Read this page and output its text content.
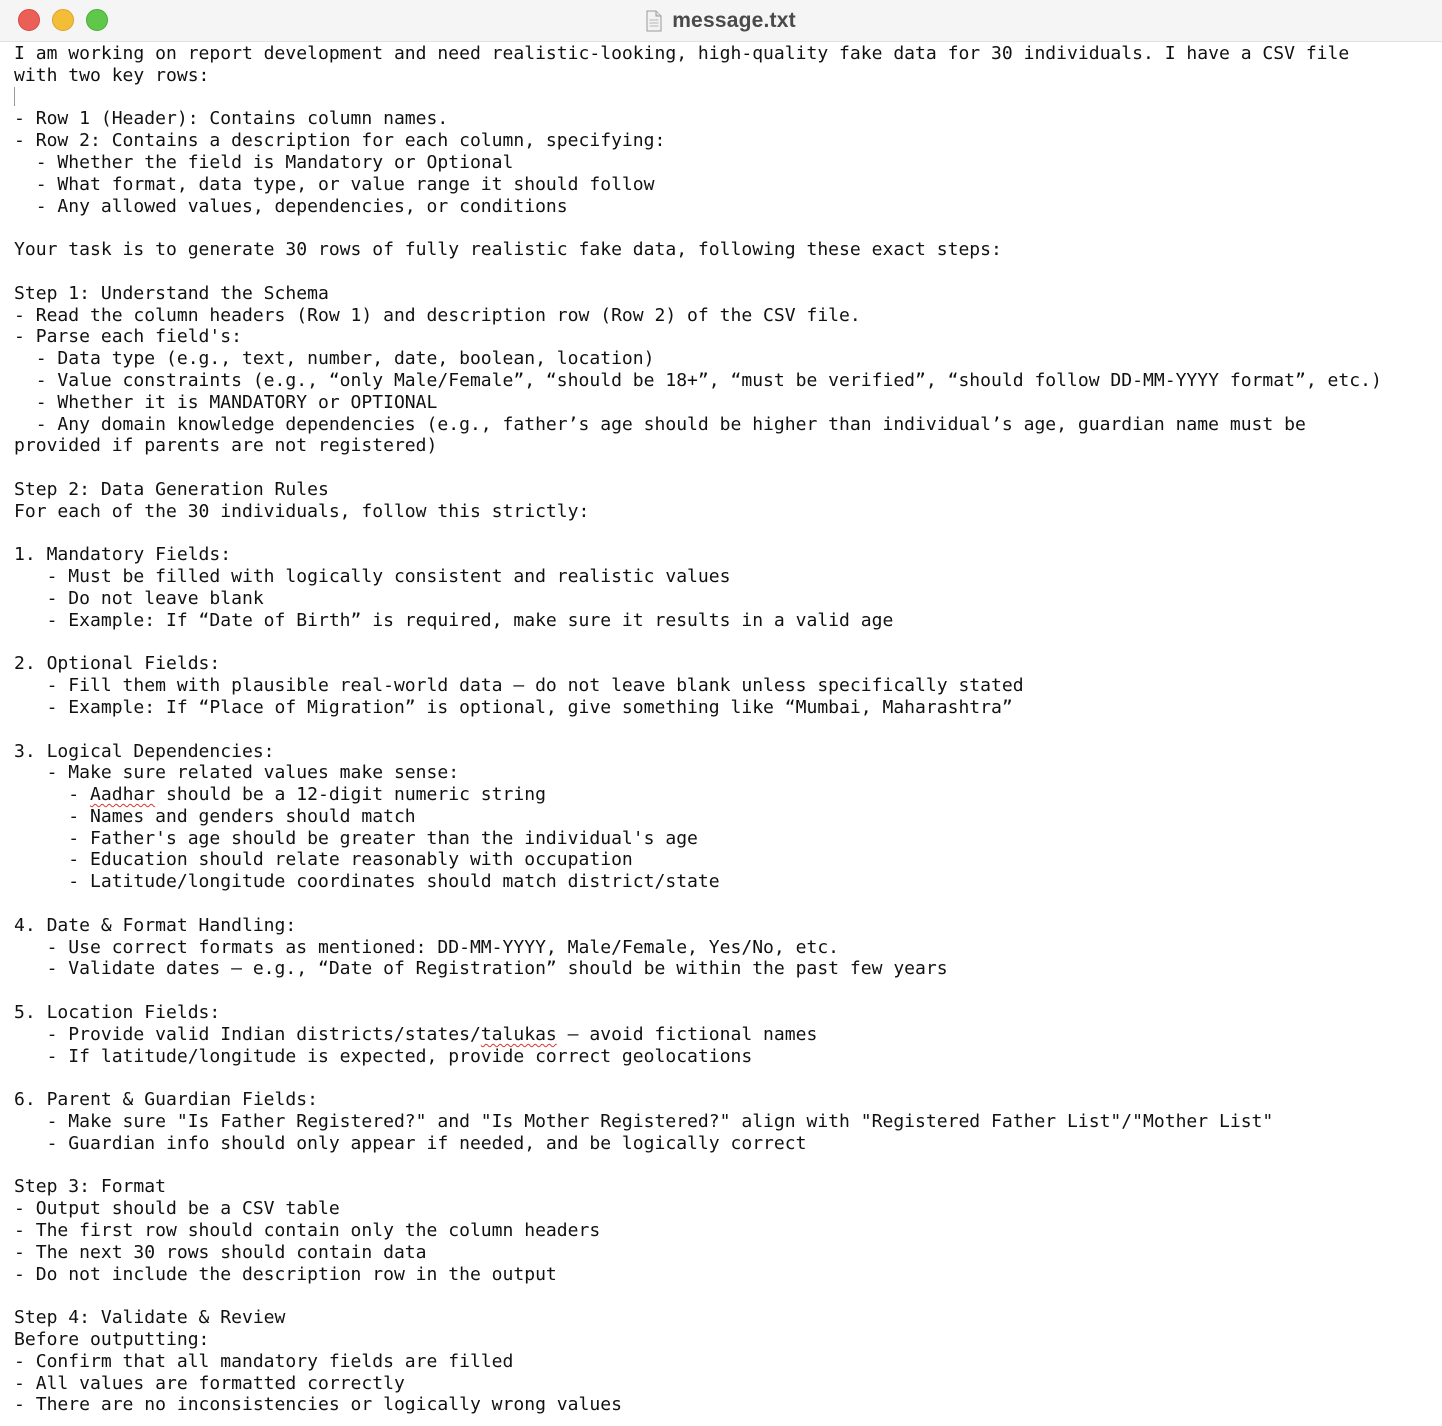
message.txt
I am working on report development and need realistic-looking, high-quality fake data for 30 individuals. I have a CSV file
with two key rows:

- Row 1 (Header): Contains column names.
- Row 2: Contains a description for each column, specifying:
- Whether the field is Mandatory or Optional
- What format, data type, or value range it should follow
- Any allowed values, dependencies, or conditions

Your task is to generate 30 rows of fully realistic fake data, following these exact steps:

Step 1: Understand the Schema
- Read the column headers (Row 1) and description row (Row 2) of the CSV file.
- Parse each field's:
- Data type (e.g., text, number, date, boolean, location)
- Value constraints (e.g., “only Male/Female”, “should be 18+”, “must be verified”, “should follow DD-MM-YYYY format”, etc.)
- Whether it is MANDATORY or OPTIONAL
- Any domain knowledge dependencies (e.g., father’s age should be higher than individual’s age, guardian name must be
provided if parents are not registered)

Step 2: Data Generation Rules
For each of the 30 individuals, follow this strictly:

1. Mandatory Fields:
- Must be filled with logically consistent and realistic values
- Do not leave blank
- Example: If “Date of Birth” is required, make sure it results in a valid age

2. Optional Fields:
- Fill them with plausible real-world data — do not leave blank unless specifically stated
- Example: If “Place of Migration” is optional, give something like “Mumbai, Maharashtra”

3. Logical Dependencies:
- Make sure related values make sense:
- Aadhar should be a 12-digit numeric string
- Names and genders should match
- Father's age should be greater than the individual's age
- Education should relate reasonably with occupation
- Latitude/longitude coordinates should match district/state

4. Date & Format Handling:
- Use correct formats as mentioned: DD-MM-YYYY, Male/Female, Yes/No, etc.
- Validate dates — e.g., “Date of Registration” should be within the past few years

5. Location Fields:
- Provide valid Indian districts/states/talukas — avoid fictional names
- If latitude/longitude is expected, provide correct geolocations

6. Parent & Guardian Fields:
- Make sure "Is Father Registered?" and "Is Mother Registered?" align with "Registered Father List"/"Mother List"
- Guardian info should only appear if needed, and be logically correct

Step 3: Format
- Output should be a CSV table
- The first row should contain only the column headers
- The next 30 rows should contain data
- Do not include the description row in the output

Step 4: Validate & Review
Before outputting:
- Confirm that all mandatory fields are filled
- All values are formatted correctly
- There are no inconsistencies or logically wrong values
